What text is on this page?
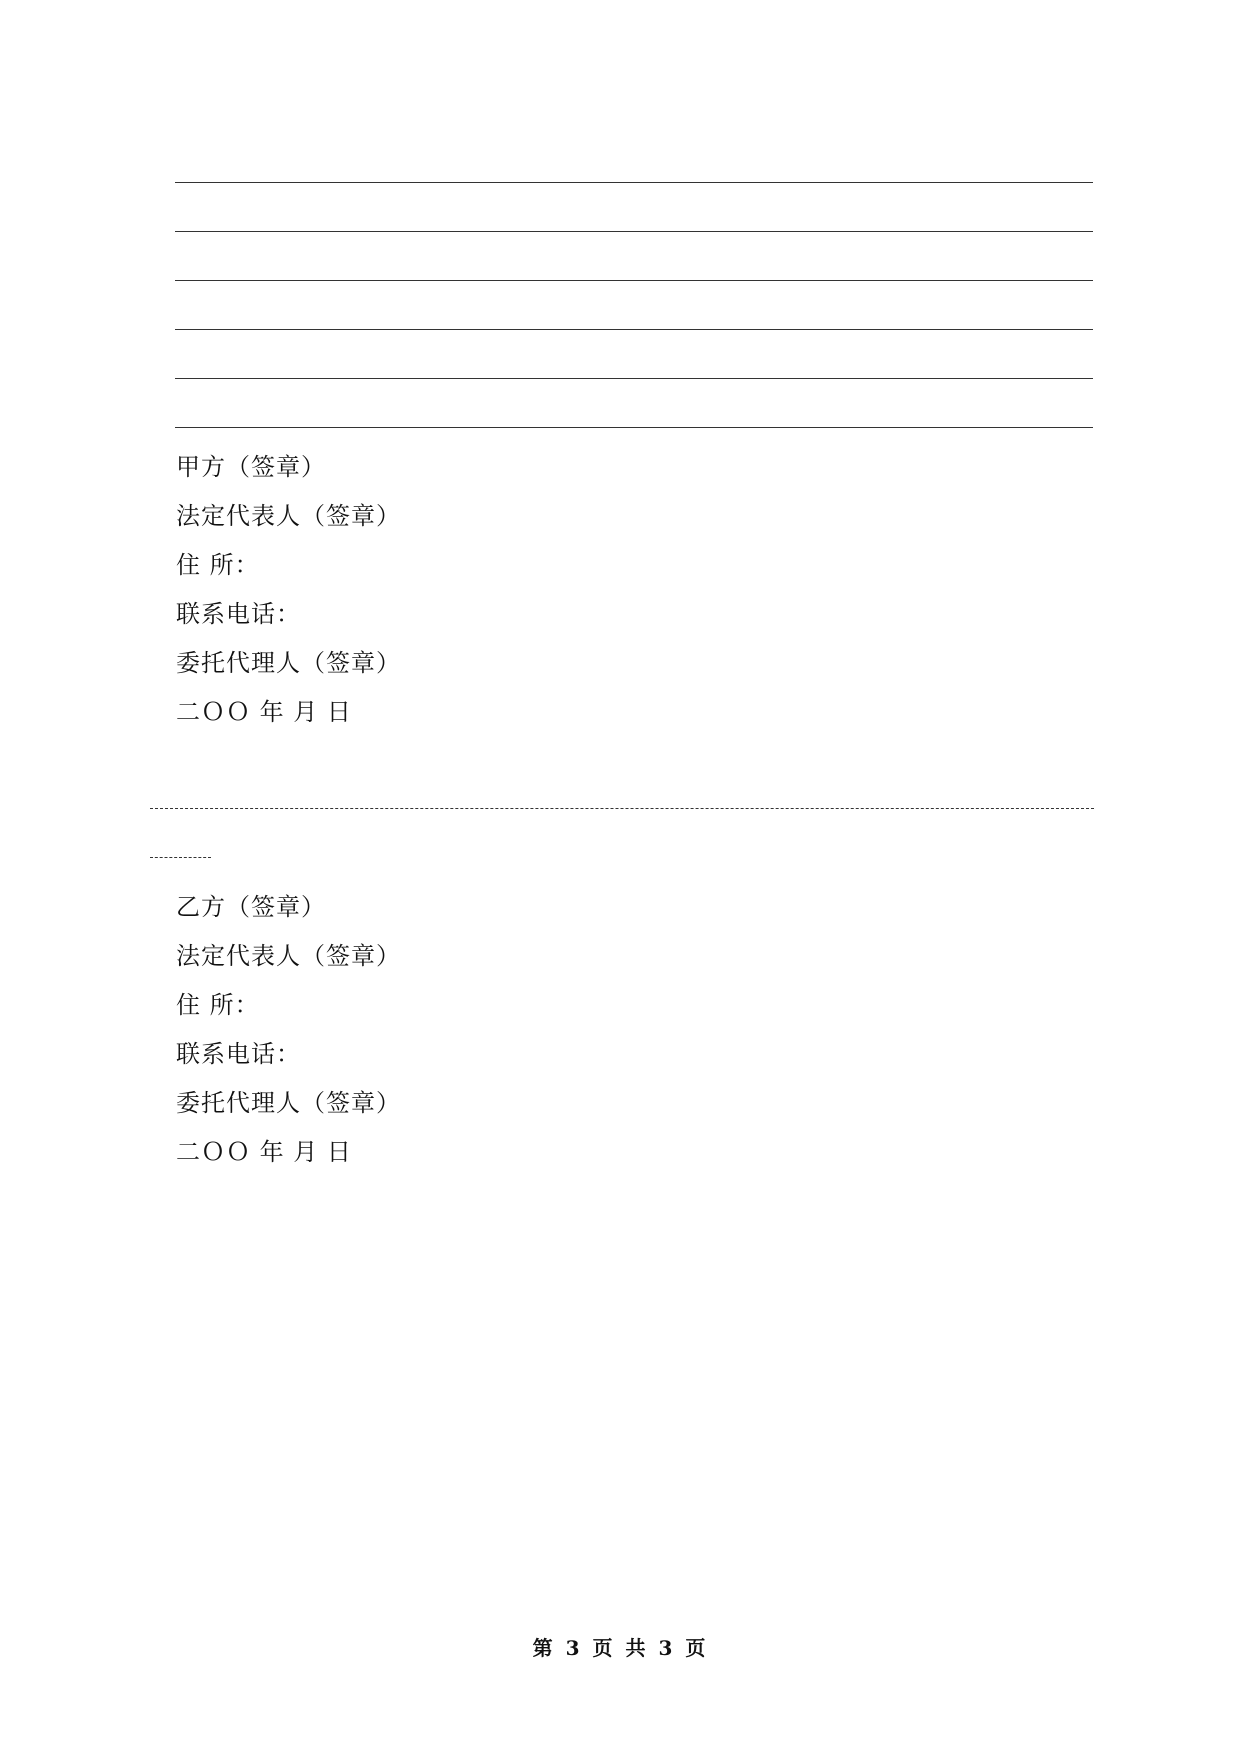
甲方（签章）
法定代表人（签章）
住 所：
联系电话：
委托代理人（签章）
二ＯＯ 年 月 日
乙方（签章）
法定代表人（签章）
住 所：
联系电话：
委托代理人（签章）
二ＯＯ 年 月 日
第 3 页 共 3 页
